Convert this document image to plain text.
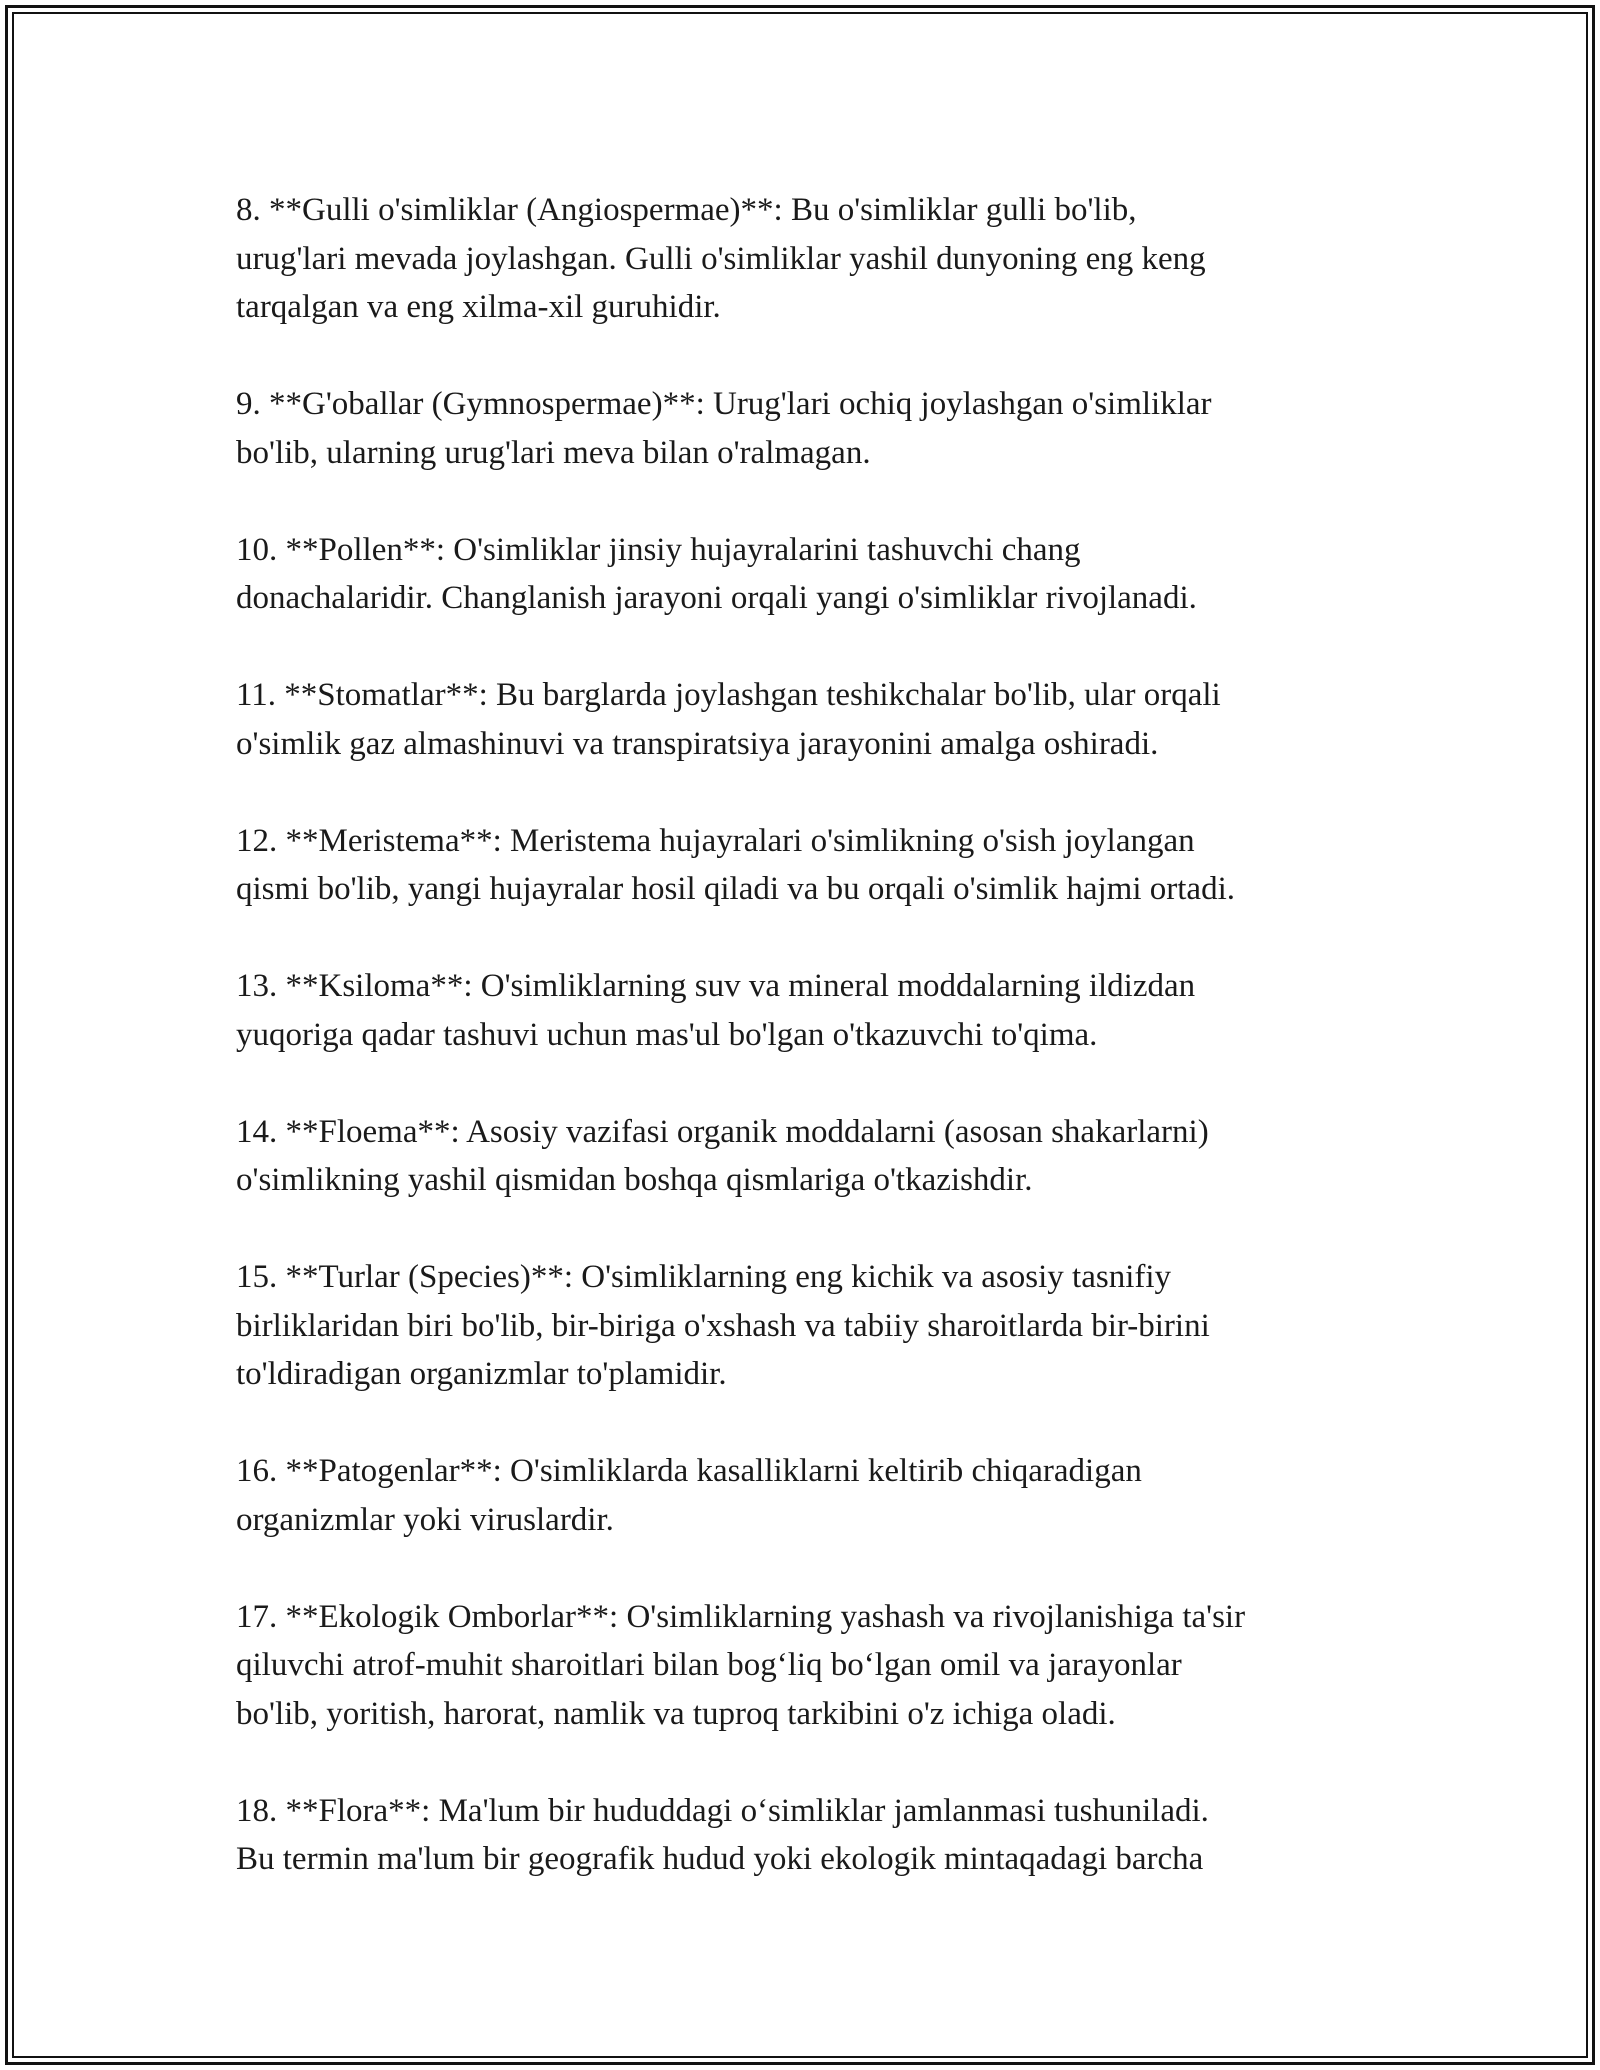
8. **Gulli o'simliklar (Angiospermae)**: Bu o'simliklar gulli bo'lib,
urug'lari mevada joylashgan. Gulli o'simliklar yashil dunyoning eng keng
tarqalgan va eng xilma-xil guruhidir.

9. **G'oballar (Gymnospermae)**: Urug'lari ochiq joylashgan o'simliklar
bo'lib, ularning urug'lari meva bilan o'ralmagan.

10. **Pollen**: O'simliklar jinsiy hujayralarini tashuvchi chang
donachalaridir. Changlanish jarayoni orqali yangi o'simliklar rivojlanadi.

11. **Stomatlar**: Bu barglarda joylashgan teshikchalar bo'lib, ular orqali
o'simlik gaz almashinuvi va transpiratsiya jarayonini amalga oshiradi.

12. **Meristema**: Meristema hujayralari o'simlikning o'sish joylangan
qismi bo'lib, yangi hujayralar hosil qiladi va bu orqali o'simlik hajmi ortadi.

13. **Ksiloma**: O'simliklarning suv va mineral moddalarning ildizdan
yuqoriga qadar tashuvi uchun mas'ul bo'lgan o'tkazuvchi to'qima.

14. **Floema**: Asosiy vazifasi organik moddalarni (asosan shakarlarni)
o'simlikning yashil qismidan boshqa qismlariga o'tkazishdir.

15. **Turlar (Species)**: O'simliklarning eng kichik va asosiy tasnifiy
birliklaridan biri bo'lib, bir-biriga o'xshash va tabiiy sharoitlarda bir-birini
to'ldiradigan organizmlar to'plamidir.

16. **Patogenlar**: O'simliklarda kasalliklarni keltirib chiqaradigan
organizmlar yoki viruslardir.

17. **Ekologik Omborlar**: O'simliklarning yashash va rivojlanishiga ta'sir
qiluvchi atrof-muhit sharoitlari bilan bog‘liq bo‘lgan omil va jarayonlar
bo'lib, yoritish, harorat, namlik va tuproq tarkibini o'z ichiga oladi.

18. **Flora**: Ma'lum bir hududdagi o‘simliklar jamlanmasi tushuniladi.
Bu termin ma'lum bir geografik hudud yoki ekologik mintaqadagi barcha
